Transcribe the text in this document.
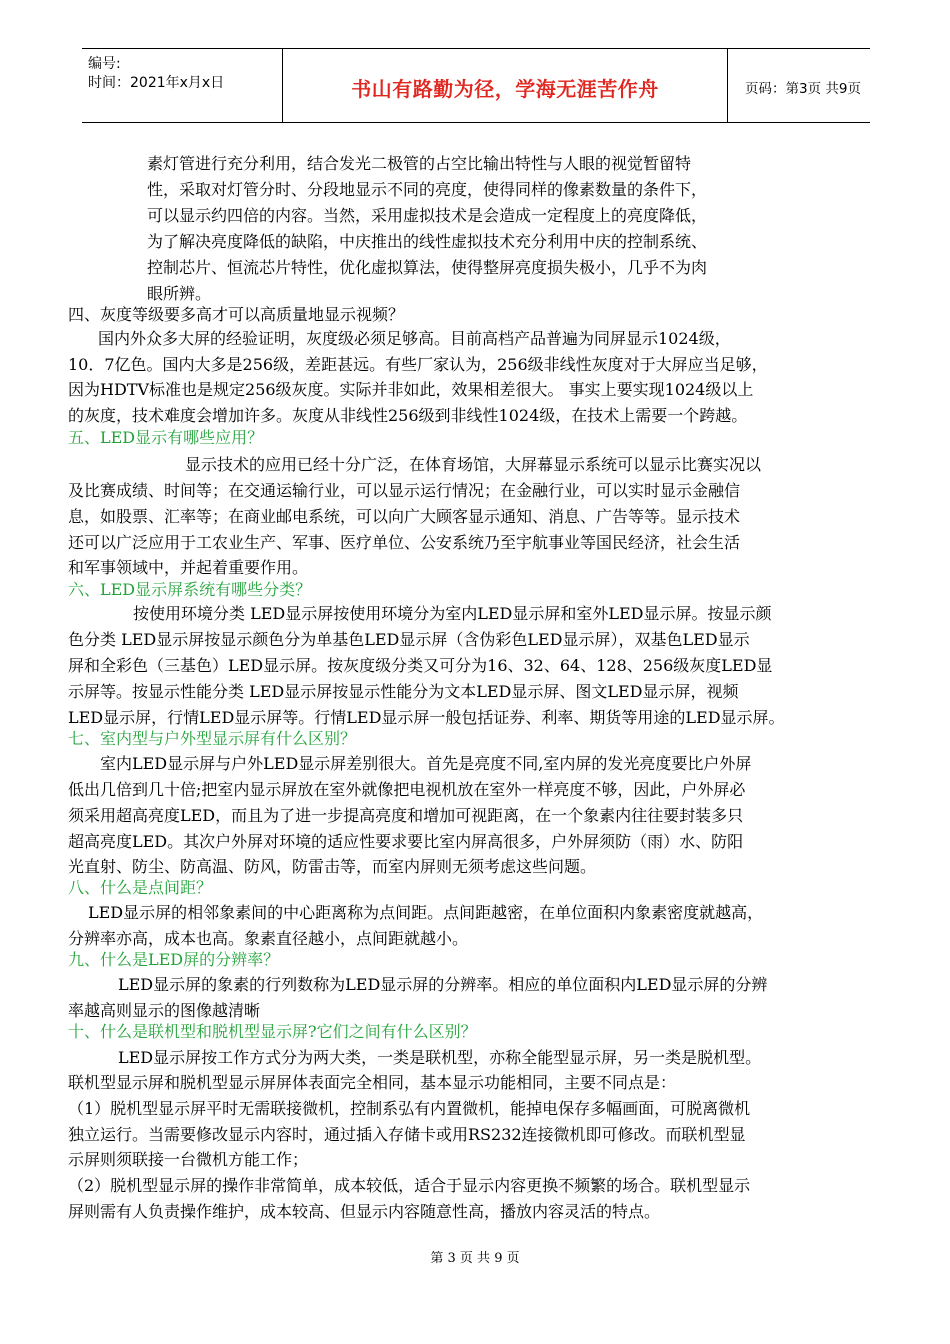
编号:
时间：2021年x月x日	书山有路勤为径，学海无涯苦作舟	页码：第3页 共9页
素灯管进行充分利用，结合发光二极管的占空比输出特性与人眼的视觉暂留特
性，采取对灯管分时、分段地显示不同的亮度，使得同样的像素数量的条件下，
可以显示约四倍的内容。当然，采用虚拟技术是会造成一定程度上的亮度降低，
为了解决亮度降低的缺陷，中庆推出的线性虚拟技术充分利用中庆的控制系统、
控制芯片、恒流芯片特性，优化虚拟算法，使得整屏亮度损失极小，几乎不为肉
眼所辨。
四、灰度等级要多高才可以高质量地显示视频？
国内外众多大屏的经验证明，灰度级必须足够高。目前高档产品普遍为同屏显示1024级，
10．7亿色。国内大多是256级，差距甚远。有些厂家认为，256级非线性灰度对于大屏应当足够，
因为HDTV标准也是规定256级灰度。实际并非如此，效果相差很大。 事实上要实现1024级以上
的灰度，技术难度会增加许多。灰度从非线性256级到非线性1024级，在技术上需要一个跨越。
五、LED显示有哪些应用？
显示技术的应用已经十分广泛，在体育场馆，大屏幕显示系统可以显示比赛实况以
及比赛成绩、时间等；在交通运输行业，可以显示运行情况；在金融行业，可以实时显示金融信
息，如股票、汇率等；在商业邮电系统，可以向广大顾客显示通知、消息、广告等等。显示技术
还可以广泛应用于工农业生产、军事、医疗单位、公安系统乃至宇航事业等国民经济，社会生活
和军事领域中，并起着重要作用。
六、LED显示屏系统有哪些分类？
按使用环境分类 LED显示屏按使用环境分为室内LED显示屏和室外LED显示屏。按显示颜
色分类 LED显示屏按显示颜色分为单基色LED显示屏（含伪彩色LED显示屏），双基色LED显示
屏和全彩色（三基色）LED显示屏。按灰度级分类又可分为16、32、64、128、256级灰度LED显
示屏等。按显示性能分类 LED显示屏按显示性能分为文本LED显示屏、图文LED显示屏，视频
LED显示屏，行情LED显示屏等。行情LED显示屏一般包括证券、利率、期货等用途的LED显示屏。
七、室内型与户外型显示屏有什么区别？
室内LED显示屏与户外LED显示屏差别很大。首先是亮度不同,室内屏的发光亮度要比户外屏
低出几倍到几十倍;把室内显示屏放在室外就像把电视机放在室外一样亮度不够，因此，户外屏必
须采用超高亮度LED，而且为了进一步提高亮度和增加可视距离，在一个象素内往往要封装多只
超高亮度LED。其次户外屏对环境的适应性要求要比室内屏高很多，户外屏须防（雨）水、防阳
光直射、防尘、防高温、防风，防雷击等，而室内屏则无须考虑这些问题。
八、什么是点间距？
LED显示屏的相邻象素间的中心距离称为点间距。点间距越密，在单位面积内象素密度就越高，
分辨率亦高，成本也高。象素直径越小，点间距就越小。
九、什么是LED屏的分辨率？
LED显示屏的象素的行列数称为LED显示屏的分辨率。相应的单位面积内LED显示屏的分辨
率越高则显示的图像越清晰
十、什么是联机型和脱机型显示屏?它们之间有什么区别？
LED显示屏按工作方式分为两大类，一类是联机型，亦称全能型显示屏，另一类是脱机型。
联机型显示屏和脱机型显示屏屏体表面完全相同，基本显示功能相同，主要不同点是：
（1）脱机型显示屏平时无需联接微机，控制系弘有内置微机，能掉电保存多幅画面，可脱离微机
独立运行。当需要修改显示内容时，通过插入存储卡或用RS232连接微机即可修改。而联机型显
示屏则须联接一台微机方能工作；
（2）脱机型显示屏的操作非常简单，成本较低，适合于显示内容更换不频繁的场合。联机型显示
屏则需有人负责操作维护，成本较高、但显示内容随意性高，播放内容灵活的特点。
第 3 页 共 9 页
